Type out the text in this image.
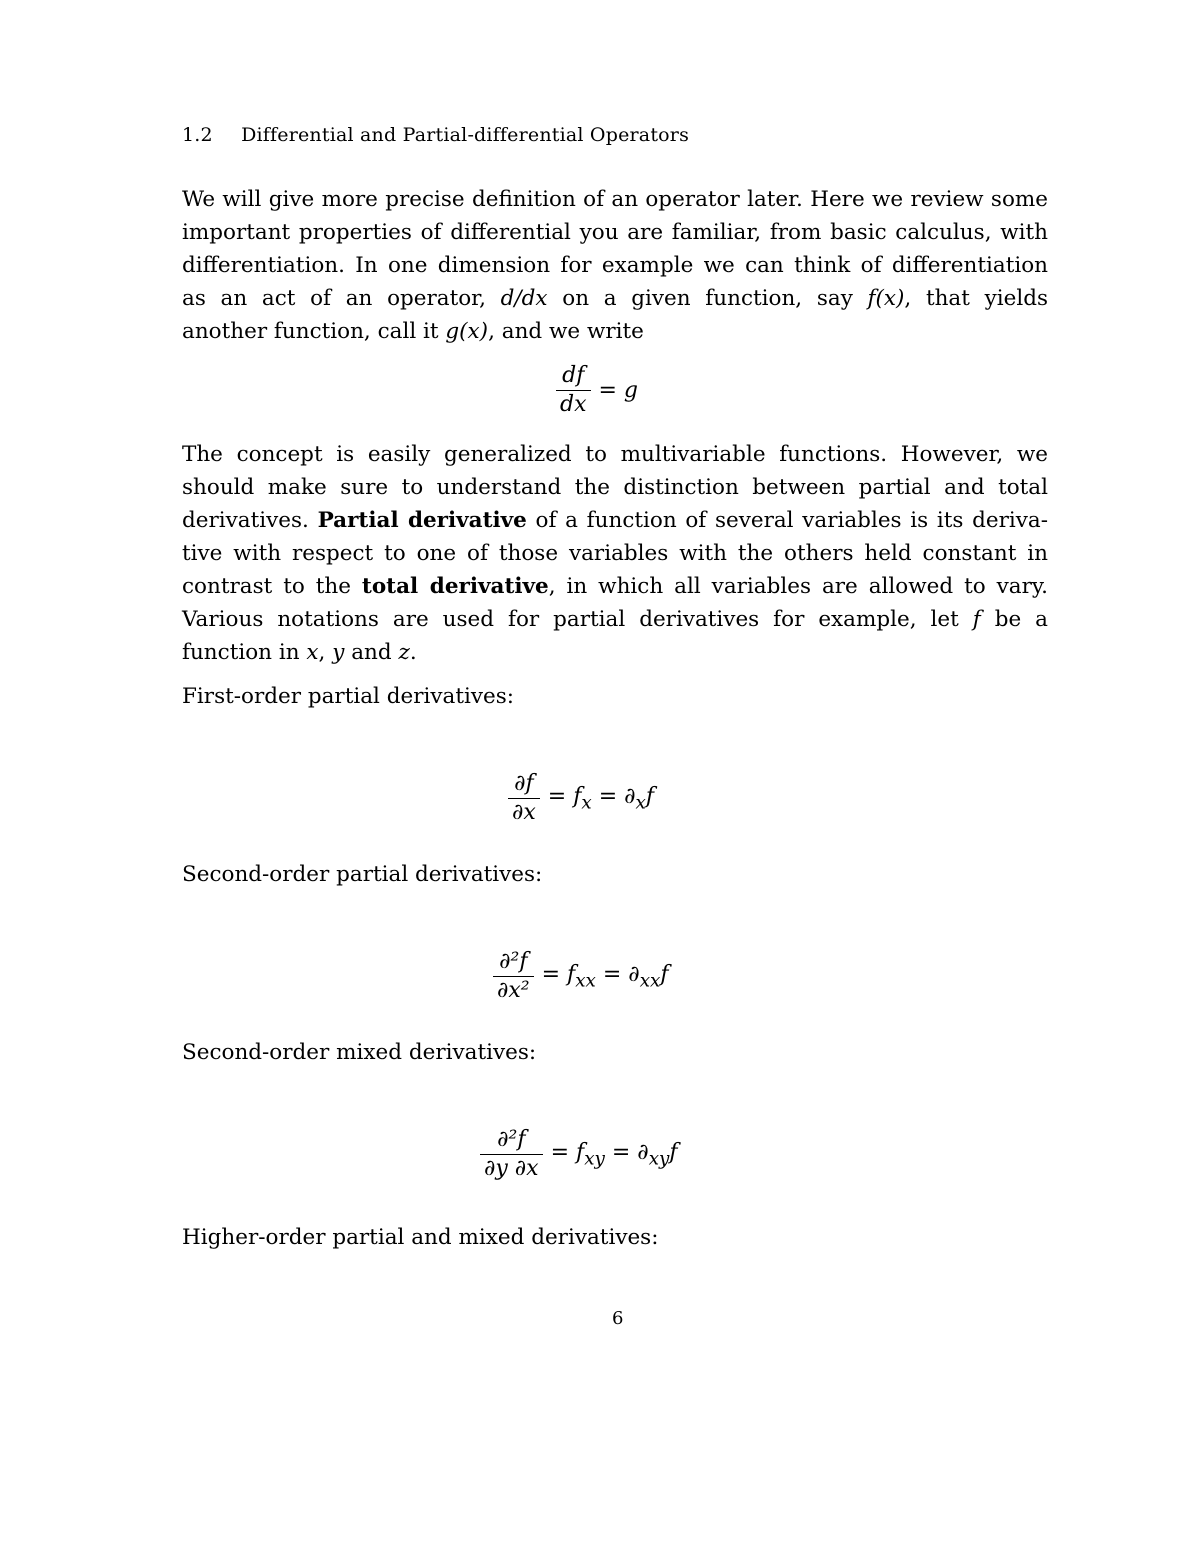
1.2 Differential and Partial-differential Operators
We will give more precise definition of an operator later. Here we review some
important properties of differential you are familiar, from basic calculus, with
differentiation. In one dimension for example we can think of differentiation
as an act of an operator, d/dx on a given function, say f(x), that yields
another function, call it g(x), and we write
$\frac{df}{dx} = g$
The concept is easily generalized to multivariable functions. However, we
should make sure to understand the distinction between partial and total
derivatives. Partial derivative of a function of several variables is its deriva-
tive with respect to one of those variables with the others held constant in
contrast to the total derivative, in which all variables are allowed to vary.
Various notations are used for partial derivatives for example, let f be a
function in x, y and z.
First-order partial derivatives:
$\frac{\partial f}{\partial x} = f_x = \partial_xf$
Second-order partial derivatives:
$\frac{\text{∂²f}}{\text{∂x²}} = f_{xx} = \partial_{xx}f$
Second-order mixed derivatives:
$\frac{\text{∂²f}}{\partial y \partial x} = f_{xy} = \partial_{xy}f$
Higher-order partial and mixed derivatives:
6
